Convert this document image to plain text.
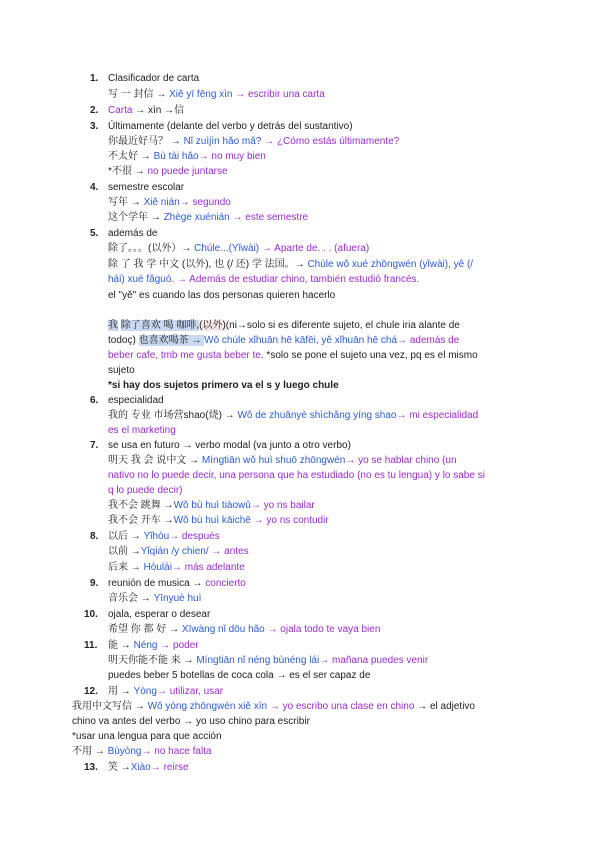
1. Clasificador de carta
写 一 封信 → Xiě yī fēng xìn → escribir una carta
2. Carta → xìn →信
3. Últimamente (delante del verbo y detrás del sustantivo)
你最近好马？ → Nǐ zuìjìn hǎo mǎ? → ¿Cómo estás últimamente?
不太好 → Bù tài hǎo→ no muy bien
*不很 → no puede juntarse
4. semestre escolar
写年 → Xiě nián→ segundo
这个学年 → Zhège xuénián → este semestre
5. además de
除了。。。(以外）→ Chúle...(Yǐwài) → Aparte de. . . (afuera)
除 了 我 学 中文 (以外), 也 (/ 还) 学 法国。→ Chúle wǒ xué zhōngwén (yǐwài), yě (/
hái) xué fǎguó. → Además de estudiar chino, también estudió francés.
el "yě" es cuando las dos personas quieren hacerlo
我 除了喜欢 喝 咖啡,(以外)(ni→solo si es diferente sujeto, el chule iria alante de
todoç) 也喜欢喝茶 → Wǒ chúle xǐhuān hē kāfēi, yě xǐhuān hē chá→ además de
beber cafe, tmb me gusta beber te. *solo se pone el sujeto una vez, pq es el mismo
sujeto
*si hay dos sujetos primero va el s y luego chule
6. especialidad
我的 专业 市场营shao(烧) → Wǒ de zhuānyè shìchǎng yíng shao→ mi especialidad
es el marketing
7. se usa en futuro → verbo modal (va junto a otro verbo)
明天 我 会 说中文 → Míngtiān wǒ huì shuō zhōngwén→ yo se hablar chino (un
nativo no lo puede decir, una persona que ha estudiado (no es tu lengua) y lo sabe si
q lo puede decir)
我不会 跳舞 →Wǒ bù huì tiàowǔ→ yo ns bailar
我不会 开车 →Wǒ bù huì kāichē → yo ns contudir
8. 以后 → Yǐhòu→ después
以前 →Yǐqián /y chien/ → antes
后来 → Hòulái→ más adelante
9. reunión de musica → concierto
音乐会 → Yīnyuè huì
10. ojala, esperar o desear
希望 你 都 好 → Xīwàng nǐ dōu hǎo → ojala todo te vaya bien
11. 能 → Néng → poder
明天你能不能 来 → Míngtiān nǐ néng bùnéng lái→ mañana puedes venir
puedes beber 5 botellas de coca cola → es el ser capaz de
12. 用 → Yòng→ utilizar, usar
我用中文写信 → Wǒ yòng zhōngwén xiě xìn → yo escribo una clase en chino → el adjetivo
chino va antes del verbo → yo uso chino para escribir
*usar una lengua para que acción
不用 → Bùyòng→ no hace falta
13. 笑 →Xiào→ reirse
